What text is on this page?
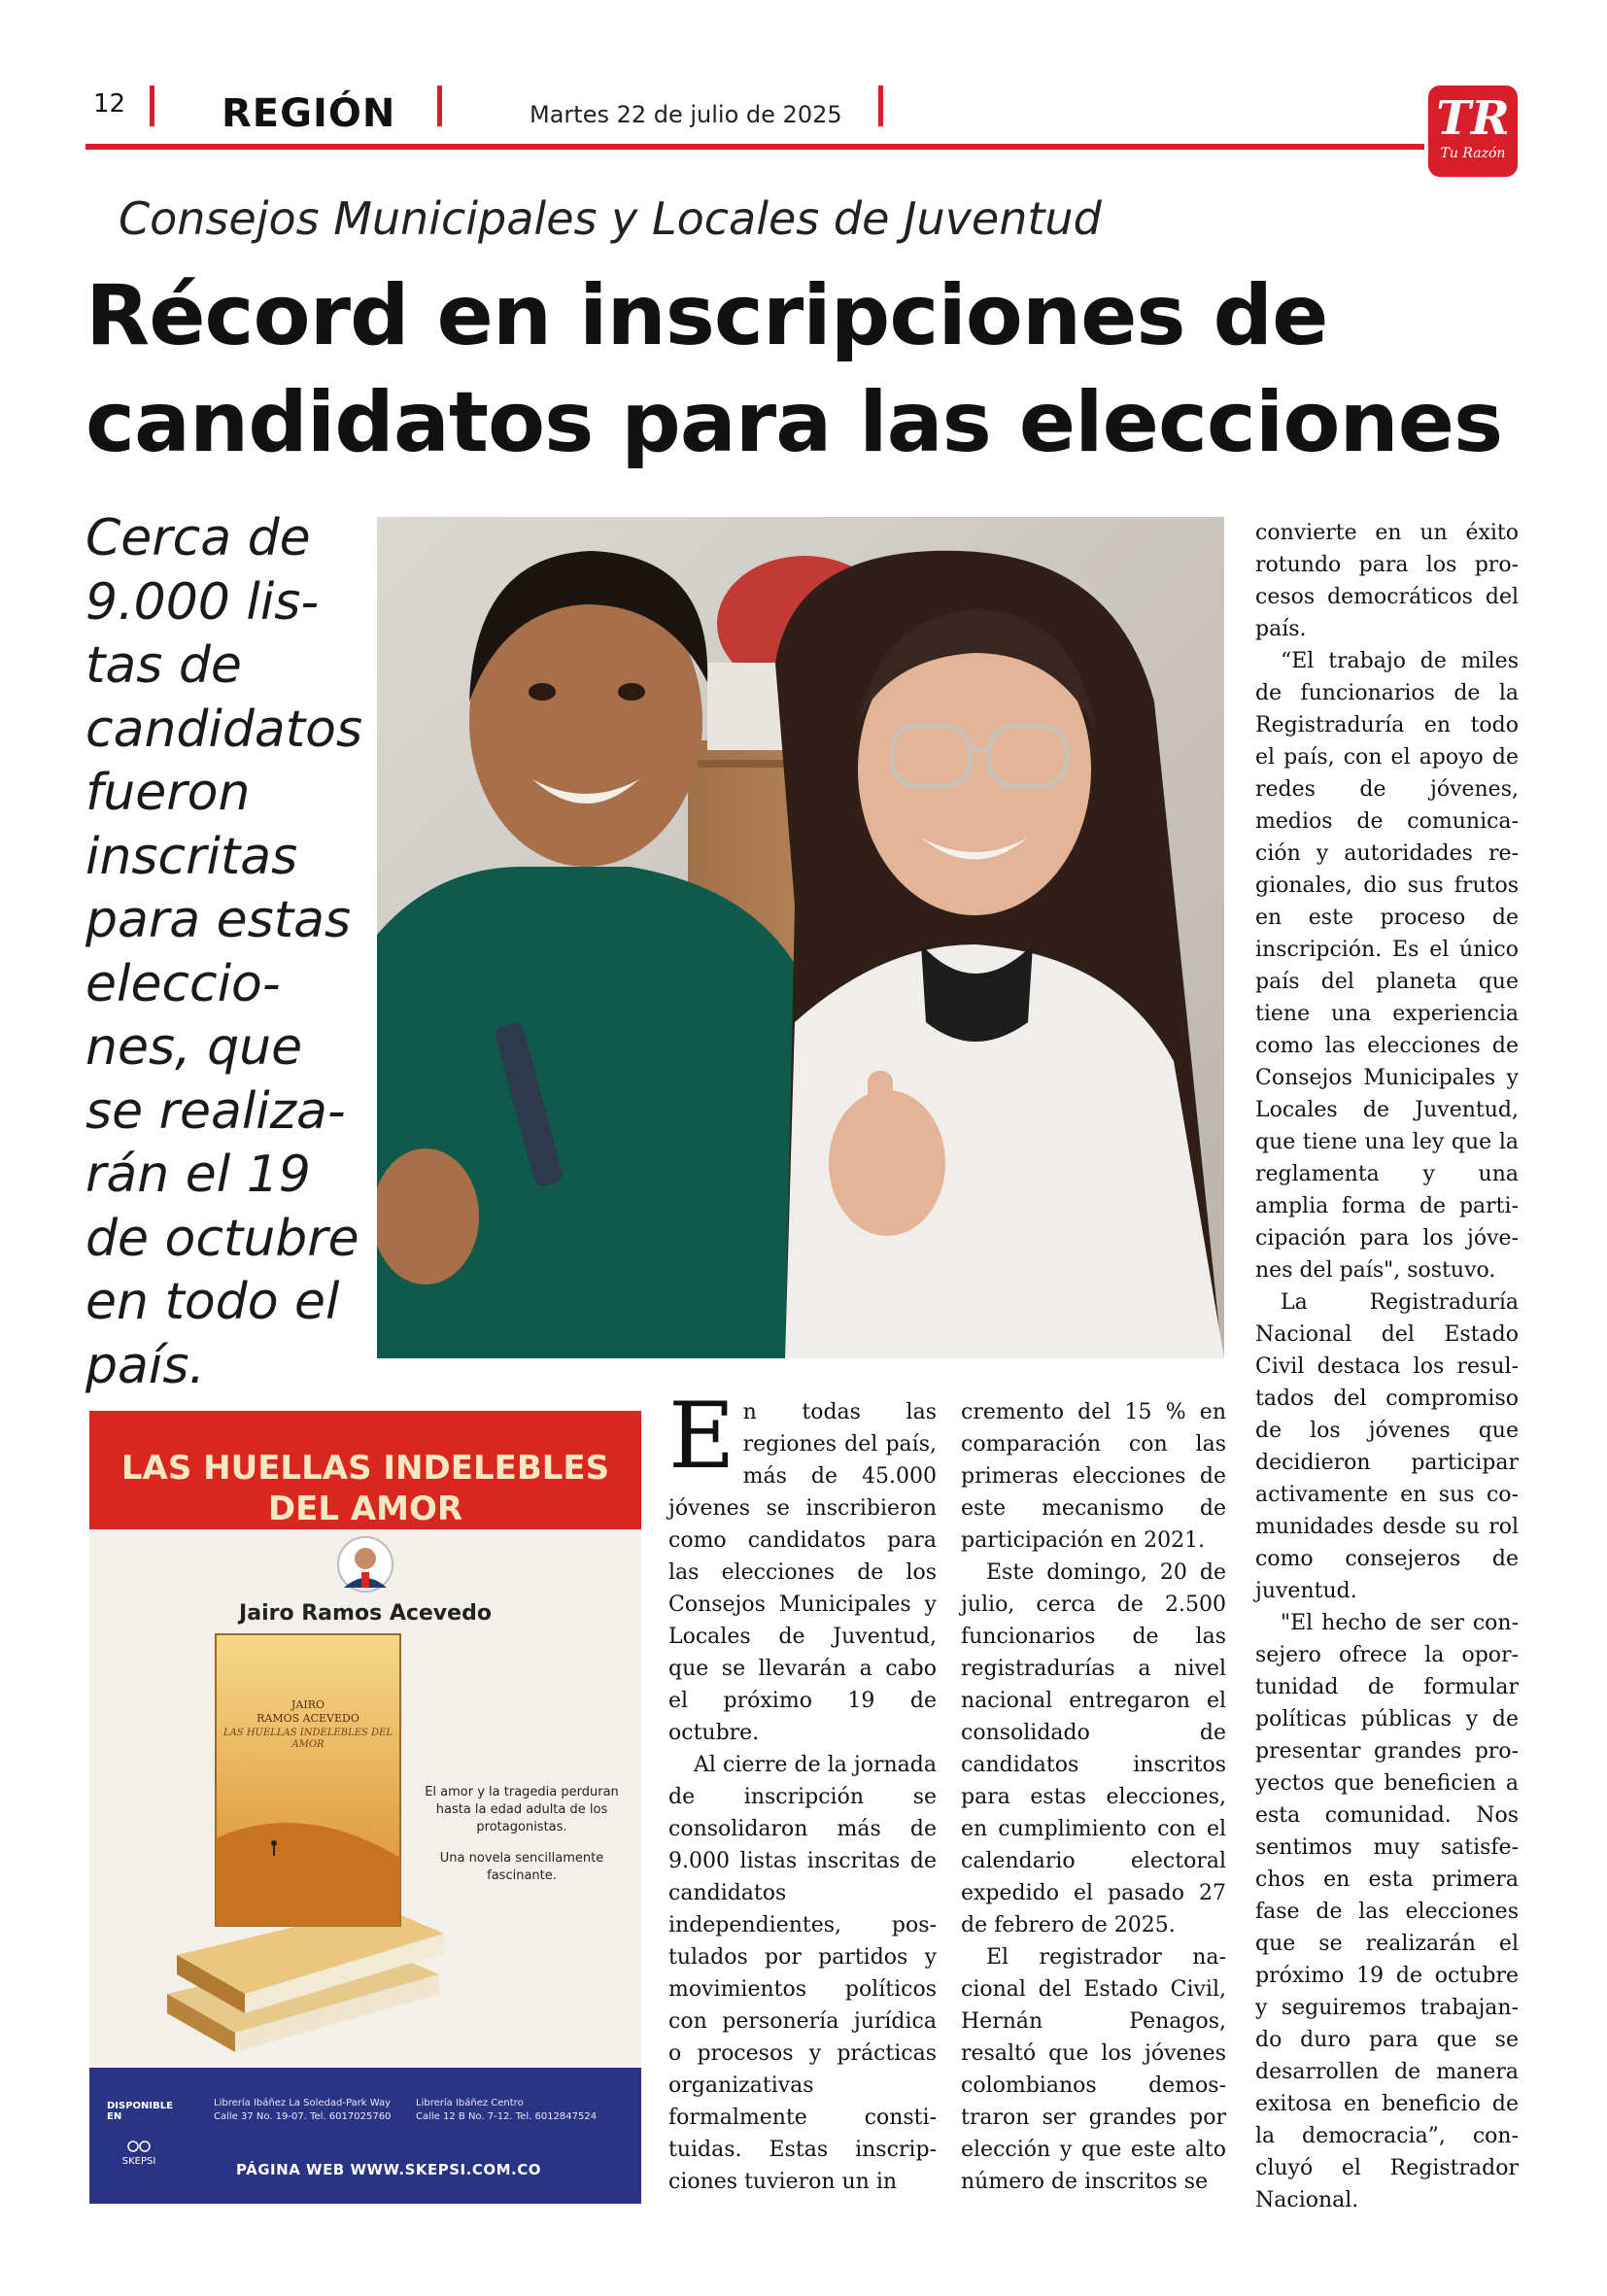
12 REGIÓN	Martes 22 de julio de 2025	TR
Tu Razón
Consejos Municipales y Locales de Juventud
Récord en inscripciones de
candidatos para las elecciones
Cerca de 9.000 listas de candidatos fueron inscritas para estas elecciones, que se realizarán el 19 de octubre en todo el país.
LAS HUELLAS INDELEBLES
DEL AMOR
Jairo Ramos Acevedo
JAIRO
RAMOS ACEVEDO
LAS HUELLAS INDELEBLES DEL AMOR
El amor y la tragedia perduran hasta la edad adulta de los protagonistas.
Una novela sencillamente fascinante.
DISPONIBLE EN
Librería Ibáñez La Soledad-Park Way
Calle 37 No. 19-07. Tel. 6017025760
Librería Ibáñez Centro
Calle 12 B No. 7-12. Tel. 6012847524
SKEPSI	PÁGINA WEB WWW.SKEPSI.COM.CO

En todas las regiones del país, más de 45.000 jóvenes se inscribieron como candidatos para las elecciones de los Consejos Municipales y Locales de Juventud, que se llevarán a cabo el próximo 19 de octubre.

Al cierre de la jornada de inscripción se consolidaron más de 9.000 listas inscritas de candidatos independientes, postulados por partidos y movimientos políticos con personería jurídica o procesos y prácticas organizativas formalmente constituidas. Estas inscripciones tuvieron un in

cremento del 15 % en comparación con las primeras elecciones de este mecanismo de participación en 2021.

Este domingo, 20 de julio, cerca de 2.500 funcionarios de las registradurías a nivel nacional entregaron el consolidado de candidatos inscritos para estas elecciones, en cumplimiento con el calendario electoral expedido el pasado 27 de febrero de 2025.

El registrador nacional del Estado Civil, Hernán Penagos, resaltó que los jóvenes colombianos demostraron ser grandes por elección y que este alto número de inscritos se

convierte en un éxito rotundo para los procesos democráticos del país.

“El trabajo de miles de funcionarios de la Registraduría en todo el país, con el apoyo de redes de jóvenes, medios de comunicación y autoridades regionales, dio sus frutos en este proceso de inscripción. Es el único país del planeta que tiene una experiencia como las elecciones de Consejos Municipales y Locales de Juventud, que tiene una ley que la reglamenta y una amplia forma de participación para los jóvenes del país", sostuvo.

La Registraduría Nacional del Estado Civil destaca los resultados del compromiso de los jóvenes que decidieron participar activamente en sus comunidades desde su rol como consejeros de juventud.

"El hecho de ser consejero ofrece la oportunidad de formular políticas públicas y de presentar grandes proyectos que beneficien a esta comunidad. Nos sentimos muy satisfechos en esta primera fase de las elecciones que se realizarán el próximo 19 de octubre y seguiremos trabajando duro para que se desarrollen de manera exitosa en beneficio de la democracia”, concluyó el Registrador Nacional.
